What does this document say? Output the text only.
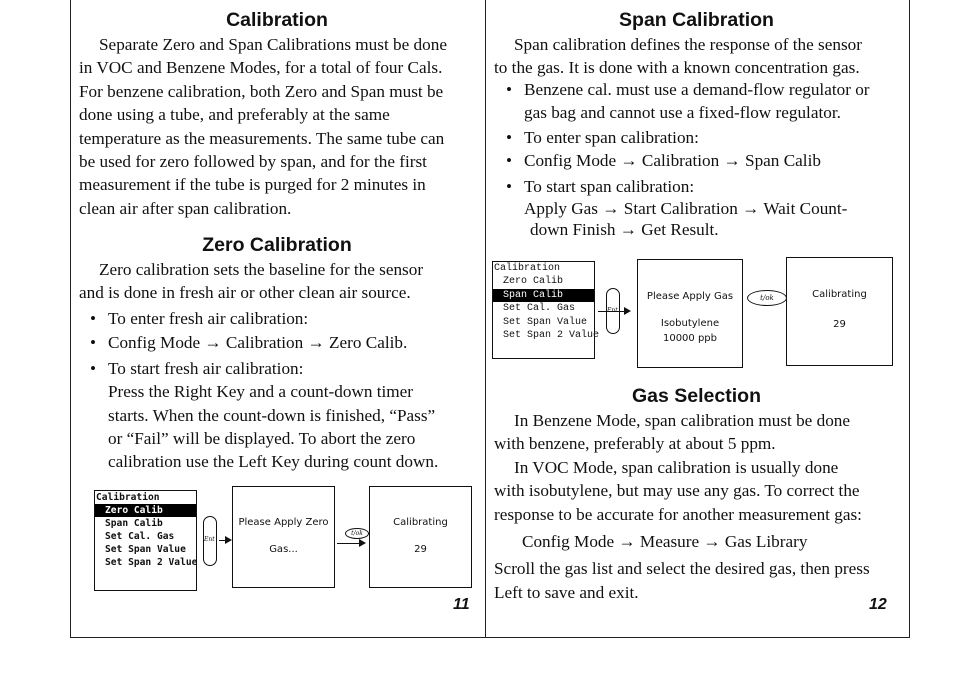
Calibration

Separate Zero and Span Calibrations must be done

in VOC and Benzene Modes, for a total of four Cals.

For benzene calibration, both Zero and Span must be

done using a tube, and preferably at the same

temperature as the measurements. The same tube can

be used for zero followed by span, and for the first

measurement if the tube is purged for 2 minutes in

clean air after span calibration.

Zero Calibration

Zero calibration sets the baseline for the sensor

and is done in fresh air or other clean air source.

• To enter fresh air calibration:
• Config Mode → Calibration → Zero Calib.
• To start fresh air calibration:
Press the Right Key and a count-down timer
starts. When the count-down is finished, “Pass”
or “Fail” will be displayed. To abort the zero
calibration use the Left Key during count down.
Calibration
Zero Calib
Span Calib
Set Cal. Gas
Set Span Value
Set Span 2 Value
Ent
Please Apply Zero
Gas...
t/ok
Calibrating
29
11
Span Calibration

Span calibration defines the response of the sensor

to the gas. It is done with a known concentration gas.

• Benzene cal. must use a demand-flow regulator or
gas bag and cannot use a fixed-flow regulator.
• To enter span calibration:
• Config Mode → Calibration → Span Calib
• To start span calibration:
Apply Gas → Start Calibration → Wait Count-
down Finish → Get Result.
Calibration
Zero Calib
Span Calib
Set Cal. Gas
Set Span Value
Set Span 2 Value
Please Apply Gas
Isobutylene
10000 ppb
t/ok	Calibrating
29
Gas Selection

In Benzene Mode, span calibration must be done

with benzene, preferably at about 5 ppm.

In VOC Mode, span calibration is usually done

with isobutylene, but may use any gas. To correct the

response to be accurate for another measurement gas:

Config Mode → Measure → Gas Library

Scroll the gas list and select the desired gas, then press

Left to save and exit.

12
